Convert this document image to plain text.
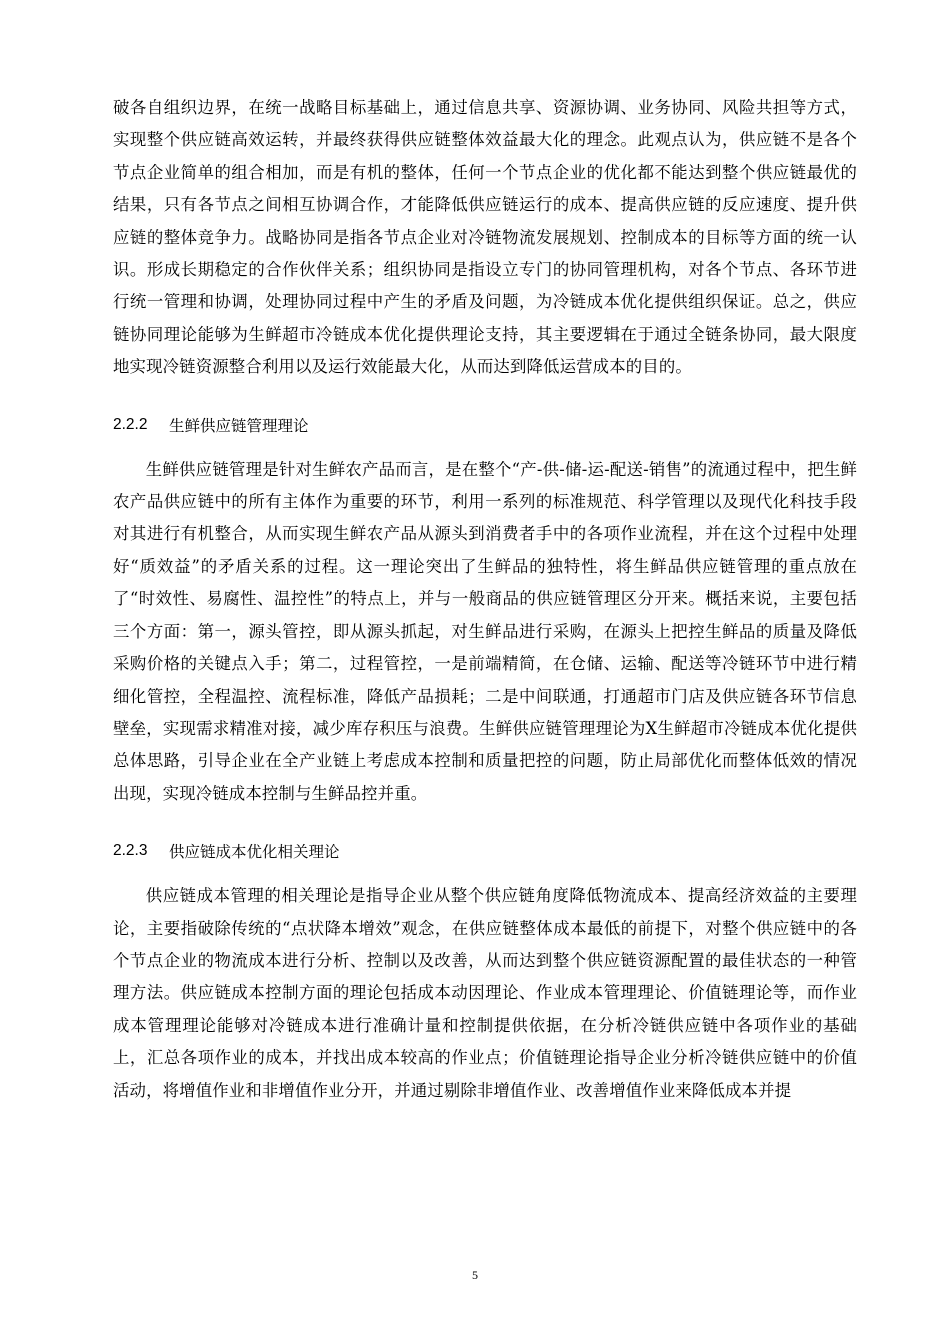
破各自组织边界，在统一战略目标基础上，通过信息共享、资源协调、业务协同、风险共担等方式，实现整个供应链高效运转，并最终获得供应链整体效益最大化的理念。此观点认为，供应链不是各个节点企业简单的组合相加，而是有机的整体，任何一个节点企业的优化都不能达到整个供应链最优的结果，只有各节点之间相互协调合作，才能降低供应链运行的成本、提高供应链的反应速度、提升供应链的整体竞争力。战略协同是指各节点企业对冷链物流发展规划、控制成本的目标等方面的统一认识。形成长期稳定的合作伙伴关系；组织协同是指设立专门的协同管理机构，对各个节点、各环节进行统一管理和协调，处理协同过程中产生的矛盾及问题，为冷链成本优化提供组织保证。总之，供应链协同理论能够为生鲜超市冷链成本优化提供理论支持，其主要逻辑在于通过全链条协同，最大限度地实现冷链资源整合利用以及运行效能最大化，从而达到降低运营成本的目的。

2.2.2	生鲜供应链管理理论

生鲜供应链管理是针对生鲜农产品而言，是在整个“产-供-储-运-配送-销售”的流通过程中，把生鲜农产品供应链中的所有主体作为重要的环节，利用一系列的标准规范、科学管理以及现代化科技手段对其进行有机整合，从而实现生鲜农产品从源头到消费者手中的各项作业流程，并在这个过程中处理好“质效益”的矛盾关系的过程。这一理论突出了生鲜品的独特性，将生鲜品供应链管理的重点放在了“时效性、易腐性、温控性”的特点上，并与一般商品的供应链管理区分开来。概括来说，主要包括三个方面：第一，源头管控，即从源头抓起，对生鲜品进行采购，在源头上把控生鲜品的质量及降低采购价格的关键点入手；第二，过程管控，一是前端精简，在仓储、运输、配送等冷链环节中进行精细化管控，全程温控、流程标准，降低产品损耗；二是中间联通，打通超市门店及供应链各环节信息壁垒，实现需求精准对接，减少库存积压与浪费。生鲜供应链管理理论为X生鲜超市冷链成本优化提供总体思路，引导企业在全产业链上考虑成本控制和质量把控的问题，防止局部优化而整体低效的情况出现，实现冷链成本控制与生鲜品控并重。

2.2.3	供应链成本优化相关理论

供应链成本管理的相关理论是指导企业从整个供应链角度降低物流成本、提高经济效益的主要理论，主要指破除传统的“点状降本增效”观念，在供应链整体成本最低的前提下，对整个供应链中的各个节点企业的物流成本进行分析、控制以及改善，从而达到整个供应链资源配置的最佳状态的一种管理方法。供应链成本控制方面的理论包括成本动因理论、作业成本管理理论、价值链理论等，而作业成本管理理论能够对冷链成本进行准确计量和控制提供依据，在分析冷链供应链中各项作业的基础上，汇总各项作业的成本，并找出成本较高的作业点；价值链理论指导企业分析冷链供应链中的价值活动，将增值作业和非增值作业分开，并通过剔除非增值作业、改善增值作业来降低成本并提

5
